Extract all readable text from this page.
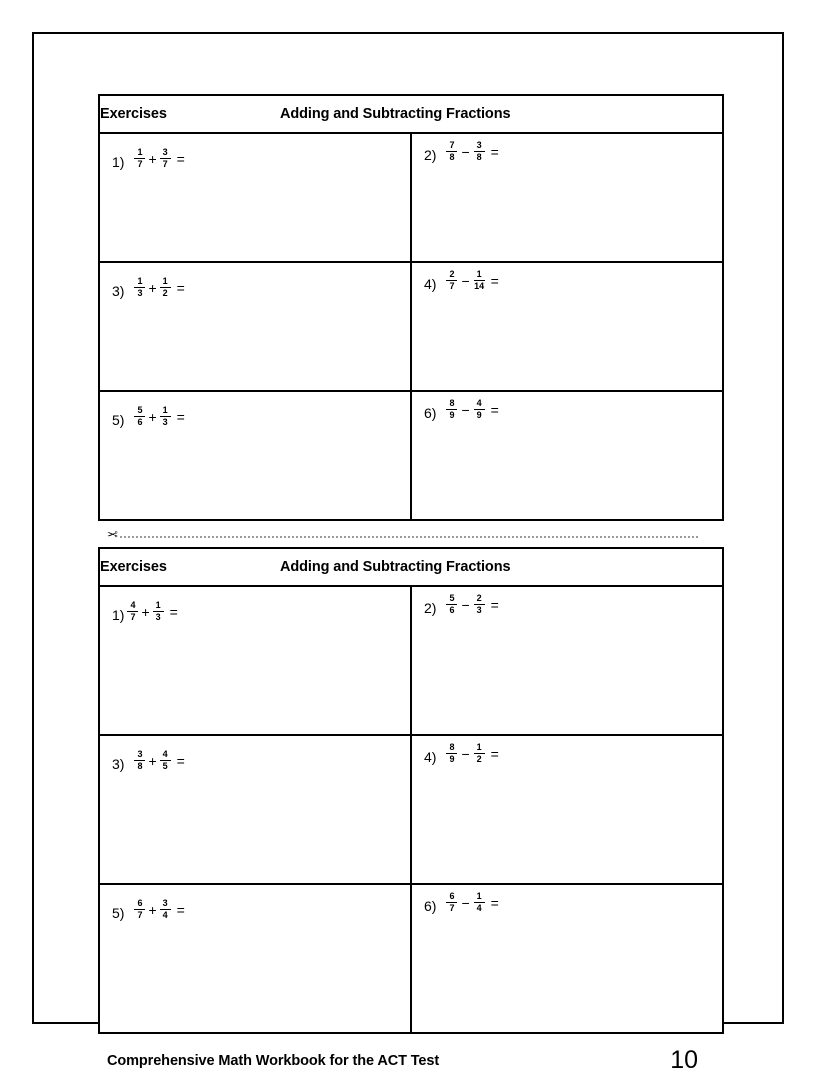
Exercises Adding and Subtracting Fractions	

$1) \frac{1}{7} + \frac{3}{7}$ =	$2) \frac{7}{8} - \frac{3}{8}$ =

$3) \frac{1}{3} + \frac{1}{2}$ =	$4) \frac{2}{7} - \frac{1}{14}$ =

$5) \frac{5}{6} + \frac{1}{3}$ =	$6) \frac{8}{9} - \frac{4}{9}$ =
✂
Exercises Adding and Subtracting Fractions	

$1) \frac{4}{7} + \frac{1}{3}$ =	$2) \frac{5}{6} - \frac{2}{3}$ =

$3) \frac{3}{8} + \frac{4}{5}$ =	$4) \frac{8}{9} - \frac{1}{2}$ =

$5) \frac{6}{7} + \frac{3}{4}$ =	$6) \frac{6}{7} - \frac{1}{4}$ =
Comprehensive Math Workbook for the ACT Test	10
